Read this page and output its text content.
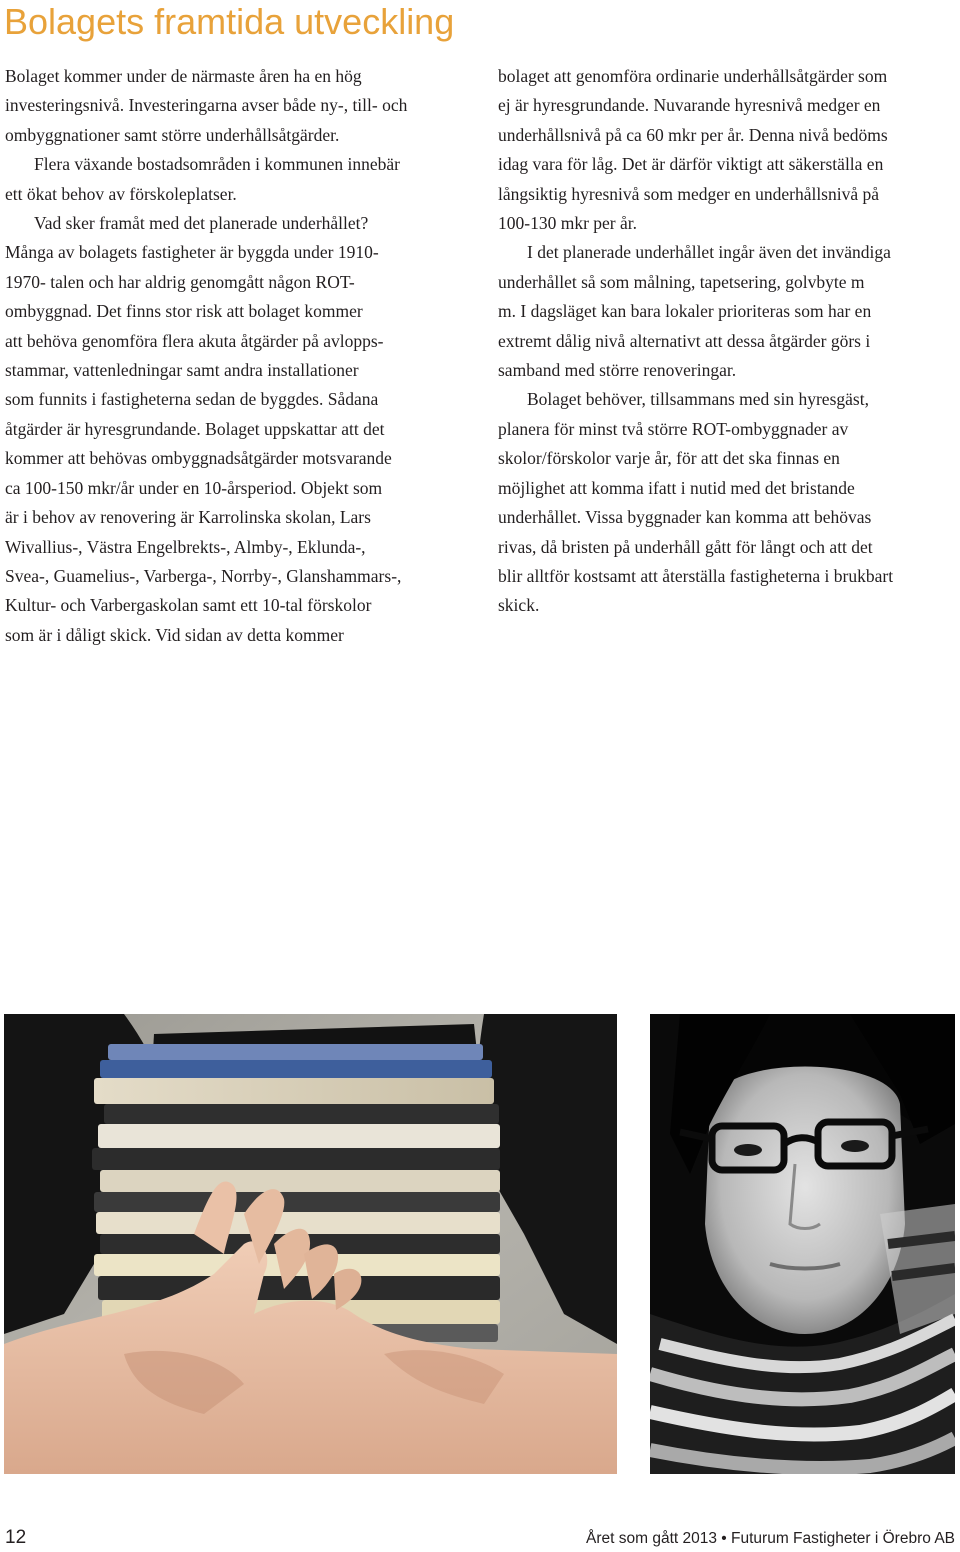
Bolagets framtida utveckling

Bolaget kommer under de närmaste åren ha en hög

investeringsnivå. Investeringarna avser både ny-, till- och

ombyggnationer samt större underhållsåtgärder.

Flera växande bostadsområden i kommunen innebär

ett ökat behov av förskoleplatser.

Vad sker framåt med det planerade underhållet?

Många av bolagets fastigheter är byggda under 1910-

1970- talen och har aldrig genomgått någon ROT-

ombyggnad. Det finns stor risk att bolaget kommer

att behöva genomföra flera akuta åtgärder på avlopps-

stammar, vattenledningar samt andra installationer

som funnits i fastigheterna sedan de byggdes. Sådana

åtgärder är hyresgrundande. Bolaget uppskattar att det

kommer att behövas ombyggnadsåtgärder motsvarande

ca 100-150 mkr/år under en 10-årsperiod. Objekt som

är i behov av renovering är Karrolinska skolan, Lars

Wivallius-, Västra Engelbrekts-, Almby-, Eklunda-,

Svea-, Guamelius-, Varberga-, Norrby-, Glanshammars-,

Kultur- och Varbergaskolan samt ett 10-tal förskolor

som är i dåligt skick. Vid sidan av detta kommer

bolaget att genomföra ordinarie underhållsåtgärder som

ej är hyresgrundande. Nuvarande hyresnivå medger en

underhållsnivå på ca 60 mkr per år. Denna nivå bedöms

idag vara för låg. Det är därför viktigt att säkerställa en

långsiktig hyresnivå som medger en underhållsnivå på

100-130 mkr per år.

I det planerade underhållet ingår även det invändiga

underhållet så som målning, tapetsering, golvbyte m

m. I dagsläget kan bara lokaler prioriteras som har en

extremt dålig nivå alternativt att dessa åtgärder görs i

samband med större renoveringar.

Bolaget behöver, tillsammans med sin hyresgäst,

planera för minst två större ROT-ombyggnader av

skolor/förskolor varje år, för att det ska finnas en

möjlighet att komma ifatt i nutid med det bristande

underhållet. Vissa byggnader kan komma att behövas

rivas, då bristen på underhåll gått för långt och att det

blir alltför kostsamt att återställa fastigheterna i brukbart

skick.

12	Året som gått 2013 • Futurum Fastigheter i Örebro AB
